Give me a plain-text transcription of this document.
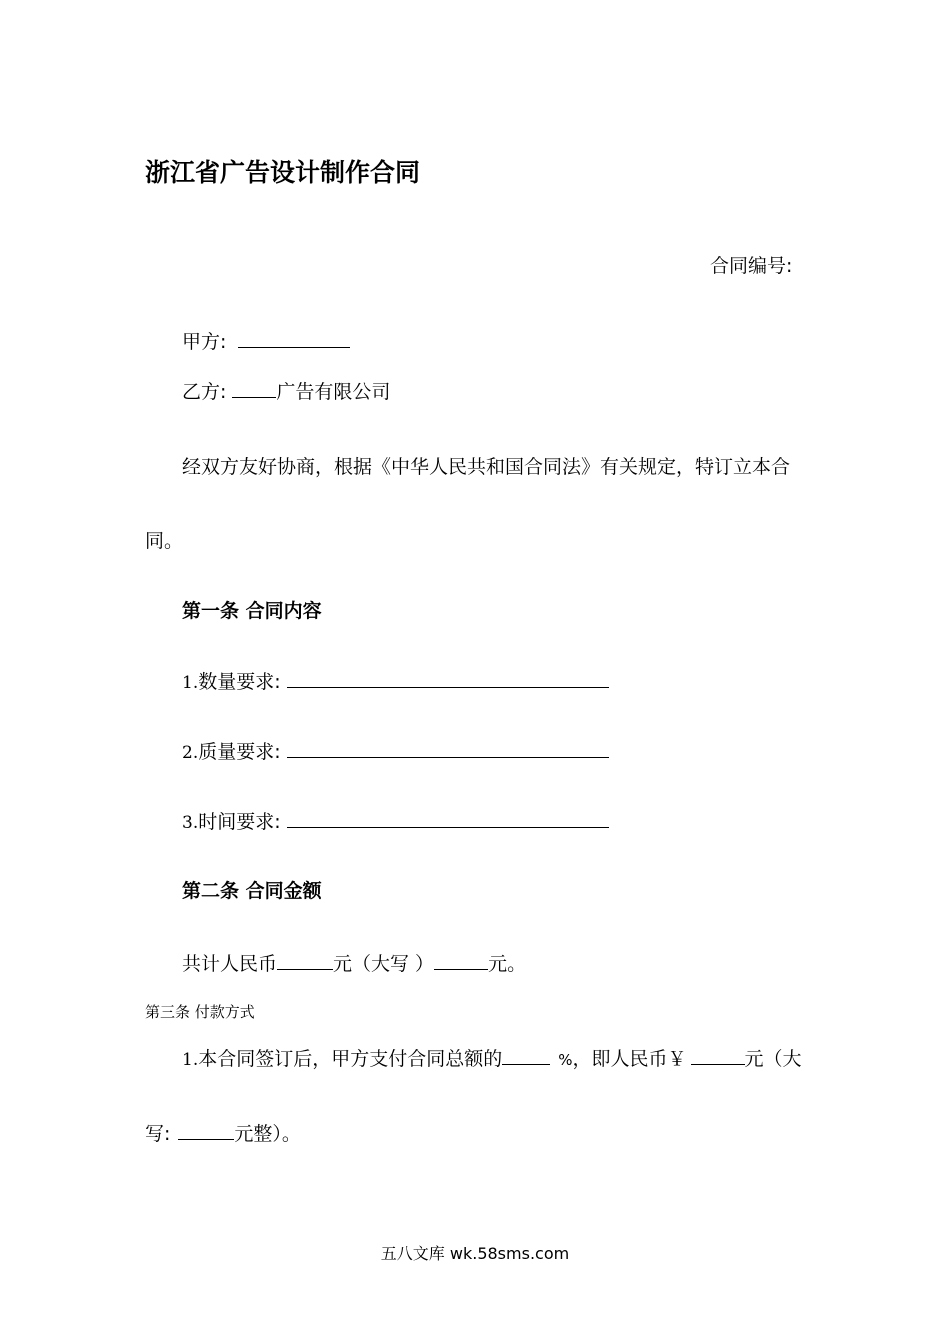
浙江省广告设计制作合同
合同编号:
甲方:
乙方:	广告有限公司
经双方友好协商，根据《中华人民共和国合同法》有关规定，特订立本合
同。
第一条 合同内容
1.数量要求:
2.质量要求:
3.时间要求:
第二条 合同金额
共计人民币	元（大写 ）	元。
第三条 付款方式
1.本合同签订后，甲方支付合同总额的	%，即人民币￥	元（大
写:	元整）。
五八文库 wk.58sms.com
